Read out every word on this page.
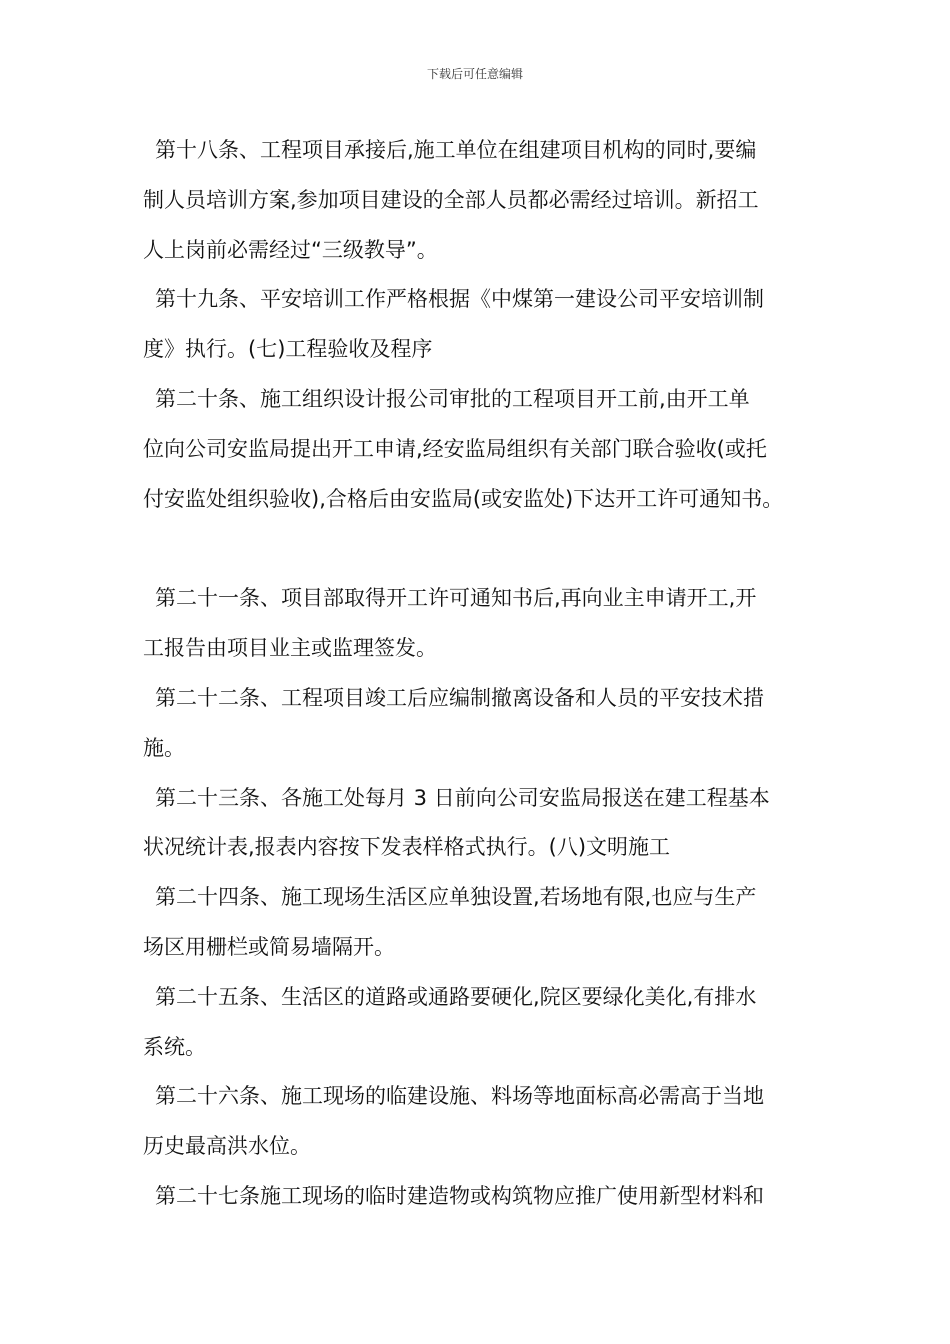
下载后可任意编辑

第十八条、工程项目承接后,施工单位在组建项目机构的同时,要编
制人员培训方案,参加项目建设的全部人员都必需经过培训。新招工
人上岗前必需经过“三级教导”。

第十九条、平安培训工作严格根据《中煤第一建设公司平安培训制
度》执行。(七)工程验收及程序

第二十条、施工组织设计报公司审批的工程项目开工前,由开工单
位向公司安监局提出开工申请,经安监局组织有关部门联合验收(或托
付安监处组织验收),合格后由安监局(或安监处)下达开工许可通知书。

第二十一条、项目部取得开工许可通知书后,再向业主申请开工,开
工报告由项目业主或监理签发。

第二十二条、工程项目竣工后应编制撤离设备和人员的平安技术措
施。

第二十三条、各施工处每月 3 日前向公司安监局报送在建工程基本
状况统计表,报表内容按下发表样格式执行。(八)文明施工

第二十四条、施工现场生活区应单独设置,若场地有限,也应与生产
场区用栅栏或简易墙隔开。

第二十五条、生活区的道路或通路要硬化,院区要绿化美化,有排水
系统。

第二十六条、施工现场的临建设施、料场等地面标高必需高于当地
历史最高洪水位。

第二十七条施工现场的临时建造物或构筑物应推广使用新型材料和
